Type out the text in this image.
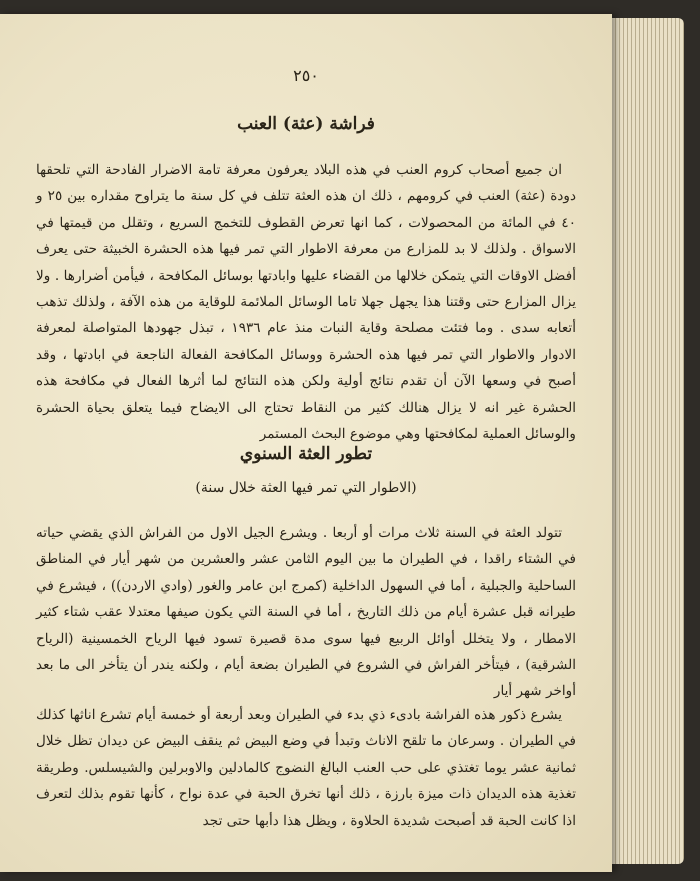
٢٥٠
فراشة (عثة) العنب
ان جميع أصحاب كروم العنب في هذه البلاد يعرفون معرفة تامة الاضرار الفادحة التي تلحقها دودة (عثة) العنب في كرومهم ، ذلك ان هذه العثة تتلف في كل سنة ما يتراوح مقداره بين ٢٥ و ٤٠ في المائة من المحصولات ، كما انها تعرض القطوف للتخمج السريع ، وتقلل من قيمتها في الاسواق . ولذلك لا بد للمزارع من معرفة الاطوار التي تمر فيها هذه الحشرة الخبيثة حتى يعرف أفضل الاوقات التي يتمكن خلالها من القضاء عليها وابادتها بوسائل المكافحة ، فيأمن أضرارها . ولا يزال المزارع حتى وقتنا هذا يجهل جهلا تاما الوسائل الملائمة للوقاية من هذه الآفة ، ولذلك تذهب أتعابه سدى . وما فتئت مصلحة وقاية النبات منذ عام ١٩٣٦ ، تبذل جهودها المتواصلة لمعرفة الادوار والاطوار التي تمر فيها هذه الحشرة ووسائل المكافحة الفعالة الناجعة في ابادتها ، وقد أصبح في وسعها الآن أن تقدم نتائج أولية ولكن هذه النتائج لما أثرها الفعال في مكافحة هذه الحشرة غير انه لا يزال هنالك كثير من النقاط تحتاج الى الايضاح فيما يتعلق بحياة الحشرة والوسائل العملية لمكافحتها وهي موضوع البحث المستمر
تطور العثة السنوي
(الاطوار التي تمر فيها العثة خلال سنة)
تتولد العثة في السنة ثلاث مرات أو أربعا . ويشرع الجيل الاول من الفراش الذي يقضي حياته في الشتاء راقدا ، في الطيران ما بين اليوم الثامن عشر والعشرين من شهر أيار في المناطق الساحلية والجبلية ، أما في السهول الداخلية (كمرج ابن عامر والغور (وادي الاردن)) ، فيشرع في طيرانه قبل عشرة أيام من ذلك التاريخ ، أما في السنة التي يكون صيفها معتدلا عقب شتاء كثير الامطار ، ولا يتخلل أوائل الربيع فيها سوى مدة قصيرة تسود فيها الرياح الخمسينية (الرياح الشرقية) ، فيتأخر الفراش في الشروع في الطيران بضعة أيام ، ولكنه يندر أن يتأخر الى ما بعد أواخر شهر أيار
يشرع ذكور هذه الفراشة بادىء ذي بدء في الطيران وبعد أربعة أو خمسة أيام تشرع اناثها كذلك في الطيران . وسرعان ما تلقح الاناث وتبدأ في وضع البيض ثم ينقف البيض عن ديدان تظل خلال ثمانية عشر يوما تغتذي على حب العنب البالغ النضوج كالمادلين والاوبرلين والشيسلس. وطريقة تغذية هذه الديدان ذات ميزة بارزة ، ذلك أنها تخرق الحبة في عدة نواح ، كأنها تقوم بذلك لتعرف اذا كانت الحبة قد أصبحت شديدة الحلاوة ، ويظل هذا دأبها حتى تجد
